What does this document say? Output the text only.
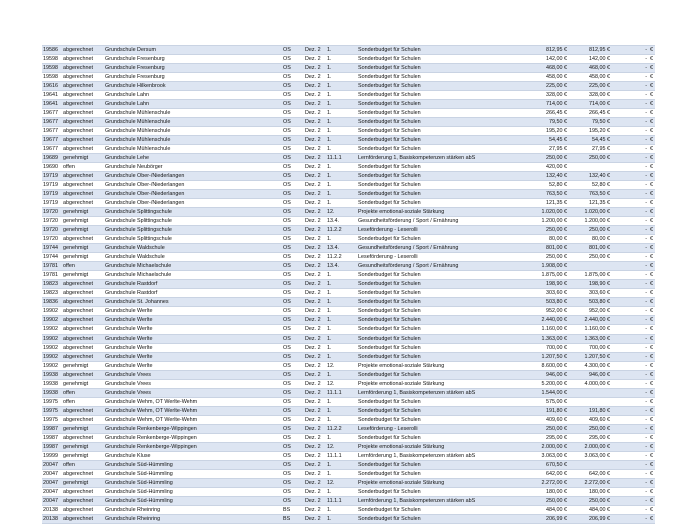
19586	abgerechnet	Grundschule Dersum	OS	Dez. 2	1.	Sonderbudget für Schulen	812,95 €	812,95 €	-	€
19598	abgerechnet	Grundschule Fresenburg	OS	Dez. 2	1.	Sonderbudget für Schulen	142,00 €	142,00 €	-	€
19598	abgerechnet	Grundschule Fresenburg	OS	Dez. 2	1.	Sonderbudget für Schulen	468,00 €	468,00 €	-	€
19598	abgerechnet	Grundschule Fresenburg	OS	Dez. 2	1.	Sonderbudget für Schulen	458,00 €	458,00 €	-	€
19616	abgerechnet	Grundschule Hilkenbrook	OS	Dez. 2	1.	Sonderbudget für Schulen	225,00 €	225,00 €	-	€
19641	abgerechnet	Grundschule Lahn	OS	Dez. 2	1.	Sonderbudget für Schulen	328,00 €	328,00 €	-	€
19641	abgerechnet	Grundschule Lahn	OS	Dez. 2	1.	Sonderbudget für Schulen	714,00 €	714,00 €	-	€
19677	abgerechnet	Grundschule Mühlenschule	OS	Dez. 2	1.	Sonderbudget für Schulen	266,45 €	266,45 €	-	€
19677	abgerechnet	Grundschule Mühlenschule	OS	Dez. 2	1.	Sonderbudget für Schulen	79,50 €	79,50 €	-	€
19677	abgerechnet	Grundschule Mühlenschule	OS	Dez. 2	1.	Sonderbudget für Schulen	195,20 €	195,20 €	-	€
19677	abgerechnet	Grundschule Mühlenschule	OS	Dez. 2	1.	Sonderbudget für Schulen	54,45 €	54,45 €	-	€
19677	abgerechnet	Grundschule Mühlenschule	OS	Dez. 2	1.	Sonderbudget für Schulen	27,95 €	27,95 €	-	€
19689	genehmigt	Grundschule Lehe	OS	Dez. 2	11.1.1	Lernförderung 1, Basiskompetenzen stärken abS	250,00 €	250,00 €	-	€
19690	offen	Grundschule Neubörger	OS	Dez. 2	1.	Sonderbudget für Schulen	420,00 €		-	€
19719	abgerechnet	Grundschule Ober-/Niederlangen	OS	Dez. 2	1.	Sonderbudget für Schulen	132,40 €	132,40 €	-	€
19719	abgerechnet	Grundschule Ober-/Niederlangen	OS	Dez. 2	1.	Sonderbudget für Schulen	52,80 €	52,80 €	-	€
19719	abgerechnet	Grundschule Ober-/Niederlangen	OS	Dez. 2	1.	Sonderbudget für Schulen	763,50 €	763,50 €	-	€
19719	abgerechnet	Grundschule Ober-/Niederlangen	OS	Dez. 2	1.	Sonderbudget für Schulen	121,35 €	121,35 €	-	€
19720	genehmigt	Grundschule Splittingschule	OS	Dez. 2	12.	Projekte emotional-soziale Stärkung	1.020,00 €	1.020,00 €	-	€
19720	genehmigt	Grundschule Splittingschule	OS	Dez. 2	13.4.	Gesundheitsförderung / Sport / Ernährung	1.200,00 €	1.200,00 €	-	€
19720	genehmigt	Grundschule Splittingschule	OS	Dez. 2	11.2.2	Leseförderung - Leserolli	250,00 €	250,00 €	-	€
19720	abgerechnet	Grundschule Splittingschule	OS	Dez. 2	1.	Sonderbudget für Schulen	80,00 €	80,00 €	-	€
19744	genehmigt	Grundschule Waldschule	OS	Dez. 2	13.4.	Gesundheitsförderung / Sport / Ernährung	801,00 €	801,00 €	-	€
19744	genehmigt	Grundschule Waldschule	OS	Dez. 2	11.2.2	Leseförderung - Leserolli	250,00 €	250,00 €	-	€
19781	offen	Grundschule Michaelschule	OS	Dez. 2	13.4.	Gesundheitsförderung / Sport / Ernährung	1.908,00 €		-	€
19781	genehmigt	Grundschule Michaelschule	OS	Dez. 2	1.	Sonderbudget für Schulen	1.875,00 €	1.875,00 €	-	€
19823	abgerechnet	Grundschule Rastdorf	OS	Dez. 2	1.	Sonderbudget für Schulen	198,90 €	198,90 €	-	€
19823	abgerechnet	Grundschule Rastdorf	OS	Dez. 2	1.	Sonderbudget für Schulen	303,60 €	303,60 €	-	€
19836	abgerechnet	Grundschule St. Johannes	OS	Dez. 2	1.	Sonderbudget für Schulen	503,80 €	503,80 €	-	€
19902	abgerechnet	Grundschule Werlte	OS	Dez. 2	1.	Sonderbudget für Schulen	952,00 €	952,00 €	-	€
19902	abgerechnet	Grundschule Werlte	OS	Dez. 2	1.	Sonderbudget für Schulen	2.440,00 €	2.440,00 €	-	€
19902	abgerechnet	Grundschule Werlte	OS	Dez. 2	1.	Sonderbudget für Schulen	1.160,00 €	1.160,00 €	-	€
19902	abgerechnet	Grundschule Werlte	OS	Dez. 2	1.	Sonderbudget für Schulen	1.363,00 €	1.363,00 €	-	€
19902	abgerechnet	Grundschule Werlte	OS	Dez. 2	1.	Sonderbudget für Schulen	700,00 €	700,00 €	-	€
19902	abgerechnet	Grundschule Werlte	OS	Dez. 2	1.	Sonderbudget für Schulen	1.207,50 €	1.207,50 €	-	€
19902	genehmigt	Grundschule Werlte	OS	Dez. 2	12.	Projekte emotional-soziale Stärkung	8.600,00 €	4.300,00 €	-	€
19938	abgerechnet	Grundschule Vrees	OS	Dez. 2	1.	Sonderbudget für Schulen	946,00 €	946,00 €	-	€
19938	genehmigt	Grundschule Vrees	OS	Dez. 2	12.	Projekte emotional-soziale Stärkung	5.200,00 €	4.000,00 €	-	€
19938	offen	Grundschule Vrees	OS	Dez. 2	11.1.1	Lernförderung 1, Basiskompetenzen stärken abS	1.544,00 €		-	€
19975	offen	Grundschule Wehm, OT Werlte-Wehm	OS	Dez. 2	1.	Sonderbudget für Schulen	575,00 €		-	€
19975	abgerechnet	Grundschule Wehm, OT Werlte-Wehm	OS	Dez. 2	1.	Sonderbudget für Schulen	191,80 €	191,80 €	-	€
19975	abgerechnet	Grundschule Wehm, OT Werlte-Wehm	OS	Dez. 2	1.	Sonderbudget für Schulen	409,60 €	409,60 €	-	€
19987	genehmigt	Grundschule Renkenberge-Wippingen	OS	Dez. 2	11.2.2	Leseförderung - Leserolli	250,00 €	250,00 €	-	€
19987	abgerechnet	Grundschule Renkenberge-Wippingen	OS	Dez. 2	1.	Sonderbudget für Schulen	295,00 €	295,00 €	-	€
19987	genehmigt	Grundschule Renkenberge-Wippingen	OS	Dez. 2	12.	Projekte emotional-soziale Stärkung	2.000,00 €	2.000,00 €	-	€
19999	genehmigt	Grundschule Kluse	OS	Dez. 2	11.1.1	Lernförderung 1, Basiskompetenzen stärken abS	3.063,00 €	3.063,00 €	-	€
20047	offen	Grundschule Süd-Hümmling	OS	Dez. 2	1.	Sonderbudget für Schulen	670,50 €		-	€
20047	abgerechnet	Grundschule Süd-Hümmling	OS	Dez. 2	1.	Sonderbudget für Schulen	642,00 €	642,00 €	-	€
20047	genehmigt	Grundschule Süd-Hümmling	OS	Dez. 2	12.	Projekte emotional-soziale Stärkung	2.272,00 €	2.272,00 €	-	€
20047	abgerechnet	Grundschule Süd-Hümmling	OS	Dez. 2	1.	Sonderbudget für Schulen	180,00 €	180,00 €	-	€
20047	abgerechnet	Grundschule Süd-Hümmling	OS	Dez. 2	11.1.1	Lernförderung 1, Basiskompetenzen stärken abS	250,00 €	250,00 €	-	€
20138	abgerechnet	Grundschule Rheinring	BS	Dez. 2	1.	Sonderbudget für Schulen	484,00 €	484,00 €	-	€
20138	abgerechnet	Grundschule Rheinring	BS	Dez. 2	1.	Sonderbudget für Schulen	206,99 €	206,99 €	-	€
